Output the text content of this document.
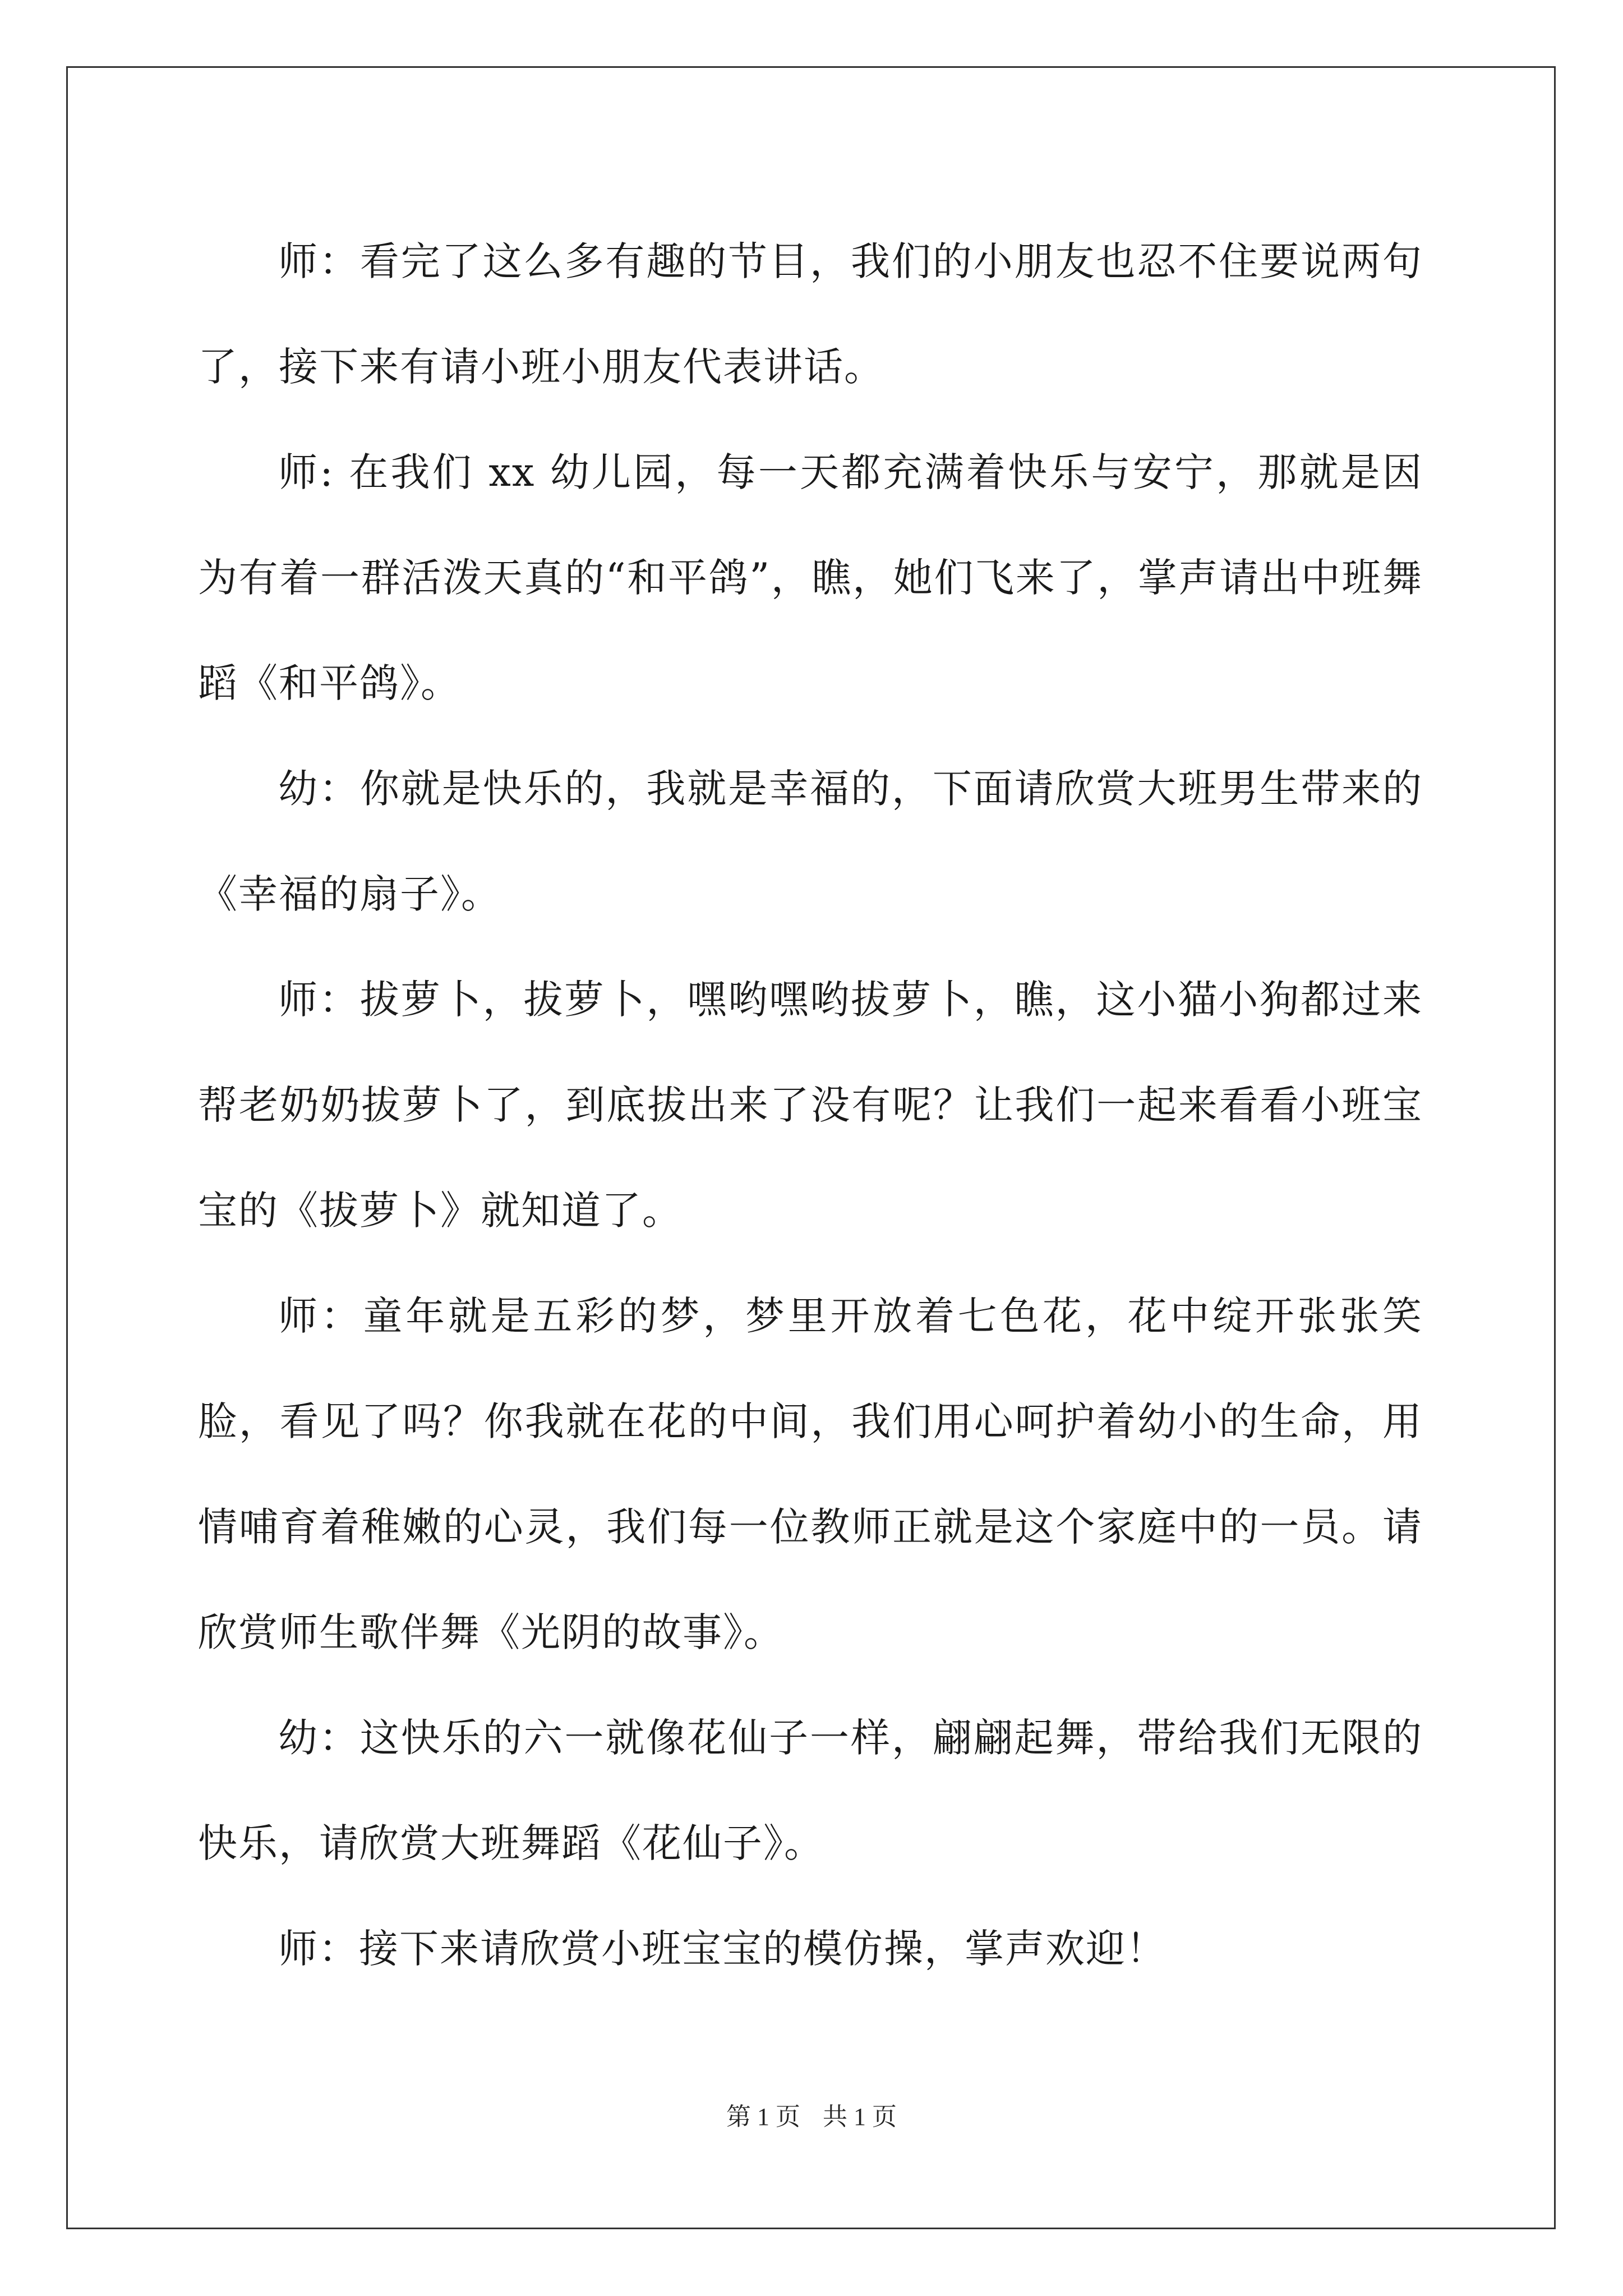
师：看完了这么多有趣的节目，我们的小朋友也忍不住要说两句了，接下来有请小班小朋友代表讲话。

师: 在我们 xx 幼儿园，每一天都充满着快乐与安宁，那就是因为有着一群活泼天真的“和平鸽”，瞧，她们飞来了，掌声请出中班舞蹈《和平鸽》。

幼：你就是快乐的，我就是幸福的，下面请欣赏大班男生带来的《幸福的扇子》。

师：拔萝卜，拔萝卜，嘿哟嘿哟拔萝卜，瞧，这小猫小狗都过来帮老奶奶拔萝卜了，到底拔出来了没有呢？让我们一起来看看小班宝宝的《拔萝卜》就知道了。

师：童年就是五彩的梦，梦里开放着七色花，花中绽开张张笑脸，看见了吗？你我就在花的中间，我们用心呵护着幼小的生命，用情哺育着稚嫩的心灵，我们每一位教师正就是这个家庭中的一员。请欣赏师生歌伴舞《光阴的故事》。

幼：这快乐的六一就像花仙子一样，翩翩起舞，带给我们无限的快乐，请欣赏大班舞蹈《花仙子》。

师：接下来请欣赏小班宝宝的模仿操，掌声欢迎！

第 1 页 共 1 页
